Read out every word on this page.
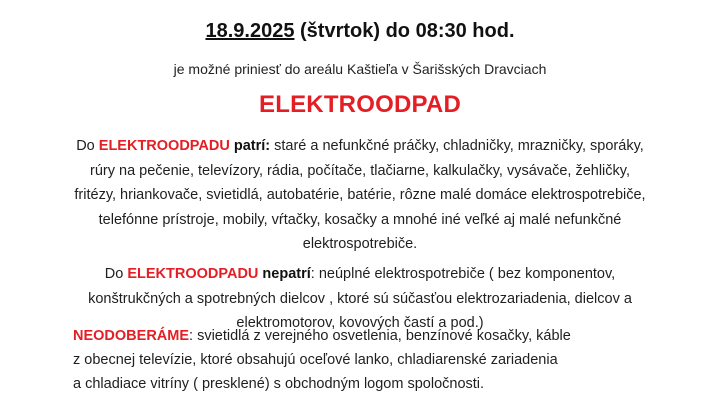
18.9.2025 (štvrtok) do 08:30 hod.
je možné priniesť do areálu Kaštieľa v Šarišských Dravciach
ELEKTROODPAD
Do ELEKTROODPADU patrí: staré a nefunkčné práčky, chladničky, mrazničky, sporáky, rúry na pečenie, televízory, rádia, počítače, tlačiarne, kalkulačky, vysávače, žehličky, fritézy, hriankovače, svietidlá, autobatérie, batérie, rôzne malé domáce elektrospotrebiče, telefónne prístroje, mobily, vŕtačky, kosačky a mnohé iné veľké aj malé nefunkčné elektrospotrebiče.
Do ELEKTROODPADU nepatrí: neúplné elektrospotrebiče ( bez komponentov, konštrukčných a spotrebných dielcov , ktoré sú súčasťou elektrozariadenia, dielcov a elektromotorov, kovových častí a pod.)
NEODOBERÁME: svietidlá z verejného osvetlenia, benzínové kosačky, káble
z obecnej televízie, ktoré obsahujú oceľové lanko, chladiarenské zariadenia
a chladiace vitríny ( presklené) s obchodným logom spoločnosti.
